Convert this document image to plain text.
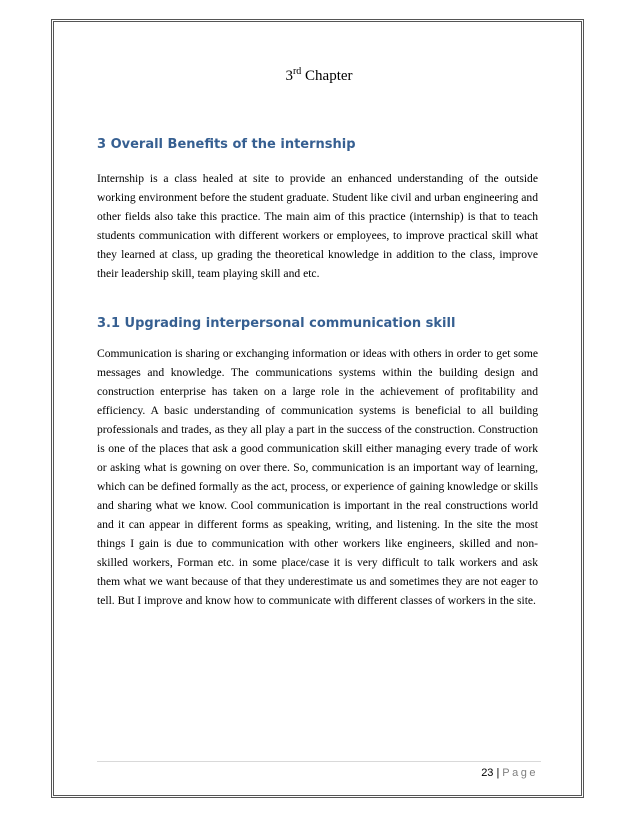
3rd Chapter
3 Overall Benefits of the internship

Internship is a class healed at site to provide an enhanced understanding of the outside working environment before the student graduate. Student like civil and urban engineering and other fields also take this practice. The main aim of this practice (internship) is that to teach students communication with different workers or employees, to improve practical skill what they learned at class, up grading the theoretical knowledge in addition to the class, improve their leadership skill, team playing skill and etc.

3.1 Upgrading interpersonal communication skill

Communication is sharing or exchanging information or ideas with others in order to get some messages and knowledge. The communications systems within the building design and construction enterprise has taken on a large role in the achievement of profitability and efficiency. A basic understanding of communication systems is beneficial to all building professionals and trades, as they all play a part in the success of the construction. Construction is one of the places that ask a good communication skill either managing every trade of work or asking what is gowning on over there. So, communication is an important way of learning, which can be defined formally as the act, process, or experience of gaining knowledge or skills and sharing what we know. Cool communication is important in the real constructions world and it can appear in different forms as speaking, writing, and listening. In the site the most things I gain is due to communication with other workers like engineers, skilled and non-skilled workers, Forman etc. in some place/case it is very difficult to talk workers and ask them what we want because of that they underestimate us and sometimes they are not eager to tell. But I improve and know how to communicate with different classes of workers in the site.

23 | Page
